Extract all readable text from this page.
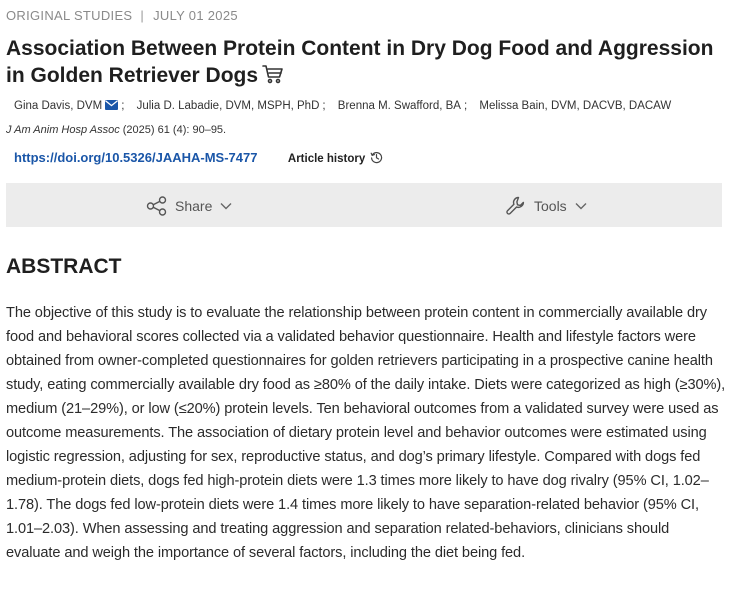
ORIGINAL STUDIES | JULY 01 2025
Association Between Protein Content in Dry Dog Food and Aggression in Golden Retriever Dogs
Gina Davis, DVM ; Julia D. Labadie, DVM, MSPH, PhD ; Brenna M. Swafford, BA ; Melissa Bain, DVM, DACVB, DACAW
J Am Anim Hosp Assoc (2025) 61 (4): 90–95.
https://doi.org/10.5326/JAAHA-MS-7477	Article history
Share	Tools
ABSTRACT

The objective of this study is to evaluate the relationship between protein content in commercially available dry food and behavioral scores collected via a validated behavior questionnaire. Health and lifestyle factors were obtained from owner-completed questionnaires for golden retrievers participating in a prospective canine health study, eating commercially available dry food as ≥80% of the daily intake. Diets were categorized as high (≥30%), medium (21–29%), or low (≤20%) protein levels. Ten behavioral outcomes from a validated survey were used as outcome measurements. The association of dietary protein level and behavior outcomes were estimated using logistic regression, adjusting for sex, reproductive status, and dog’s primary lifestyle. Compared with dogs fed medium-protein diets, dogs fed high-protein diets were 1.3 times more likely to have dog rivalry (95% CI, 1.02–1.78). The dogs fed low-protein diets were 1.4 times more likely to have separation-related behavior (95% CI, 1.01–2.03). When assessing and treating aggression and separation related-behaviors, clinicians should evaluate and weigh the importance of several factors, including the diet being fed.
